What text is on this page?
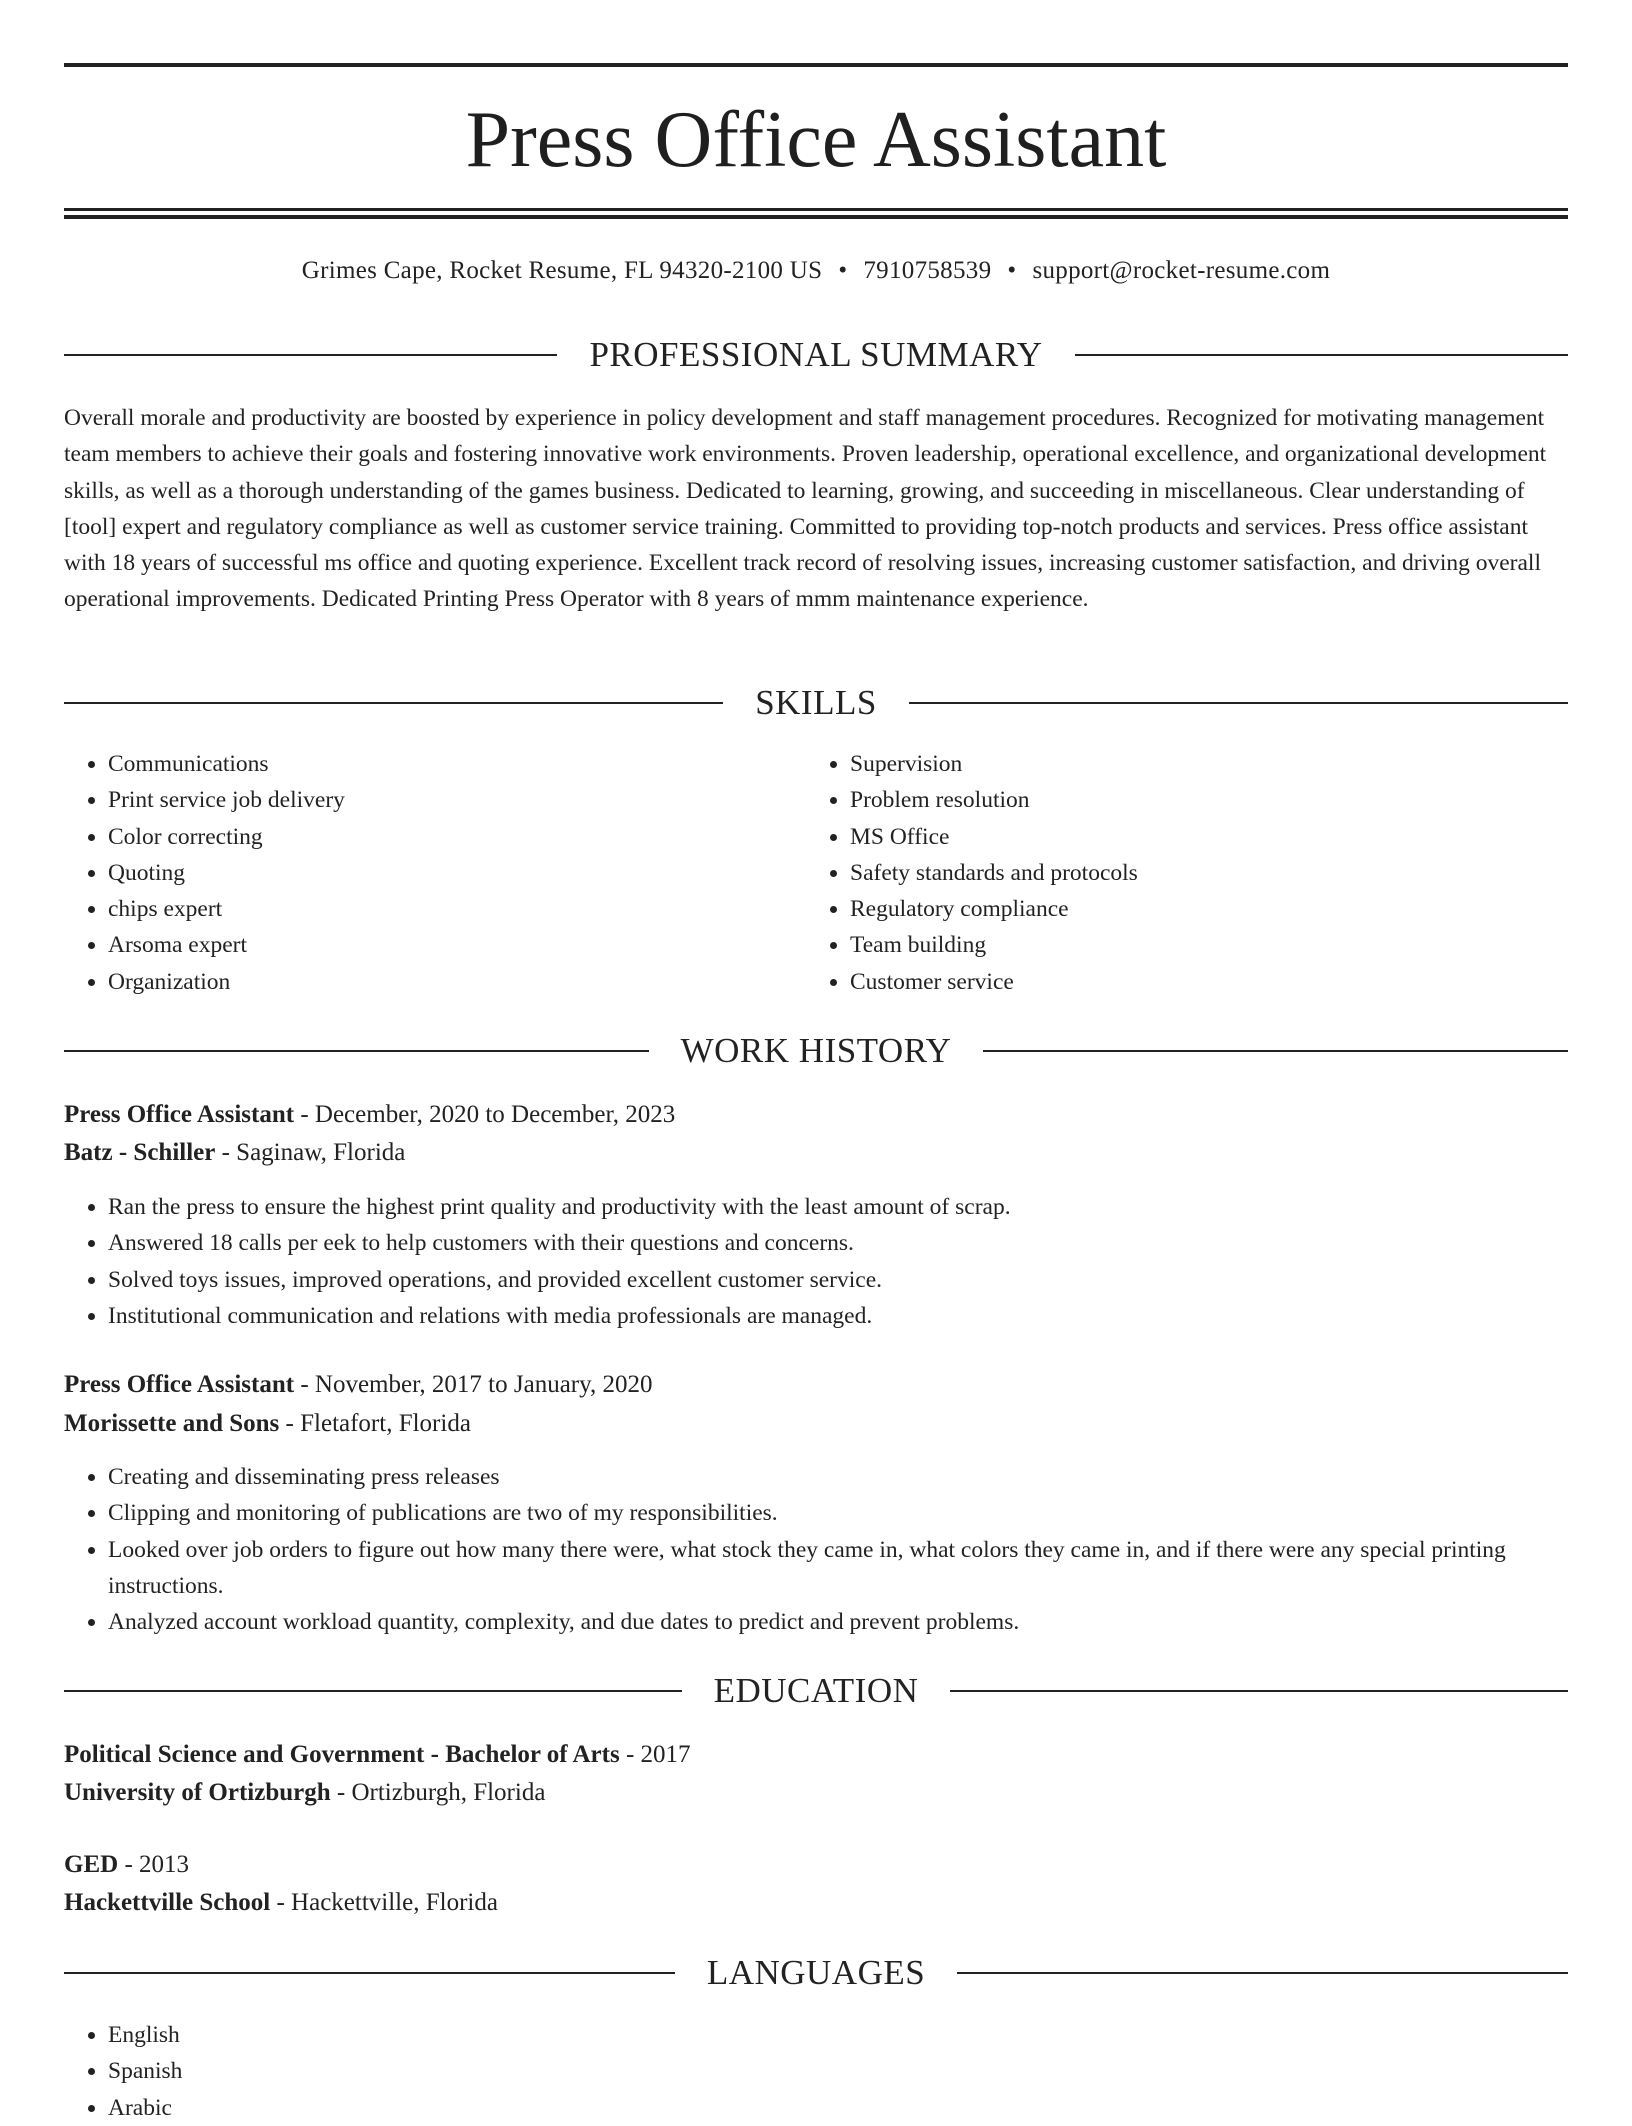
Press Office Assistant
Grimes Cape, Rocket Resume, FL 94320-2100 US • 7910758539 • support@rocket-resume.com
PROFESSIONAL SUMMARY

Overall morale and productivity are boosted by experience in policy development and staff management procedures. Recognized for motivating management team members to achieve their goals and fostering innovative work environments. Proven leadership, operational excellence, and organizational development skills, as well as a thorough understanding of the games business. Dedicated to learning, growing, and succeeding in miscellaneous. Clear understanding of [tool] expert and regulatory compliance as well as customer service training. Committed to providing top-notch products and services. Press office assistant with 18 years of successful ms office and quoting experience. Excellent track record of resolving issues, increasing customer satisfaction, and driving overall operational improvements. Dedicated Printing Press Operator with 8 years of mmm maintenance experience.

SKILLS
• Communications
• Print service job delivery
• Color correcting
• Quoting
• chips expert
• Arsoma expert
• Organization
• Supervision
• Problem resolution
• MS Office
• Safety standards and protocols
• Regulatory compliance
• Team building
• Customer service
WORK HISTORY
Press Office Assistant - December, 2020 to December, 2023
Batz - Schiller - Saginaw, Florida
• Ran the press to ensure the highest print quality and productivity with the least amount of scrap.
• Answered 18 calls per eek to help customers with their questions and concerns.
• Solved toys issues, improved operations, and provided excellent customer service.
• Institutional communication and relations with media professionals are managed.
Press Office Assistant - November, 2017 to January, 2020
Morissette and Sons - Fletafort, Florida
• Creating and disseminating press releases
• Clipping and monitoring of publications are two of my responsibilities.
• Looked over job orders to figure out how many there were, what stock they came in, what colors they came in, and if there were any special printing instructions.
• Analyzed account workload quantity, complexity, and due dates to predict and prevent problems.
EDUCATION
Political Science and Government - Bachelor of Arts - 2017
University of Ortizburgh - Ortizburgh, Florida
GED - 2013
Hackettville School - Hackettville, Florida
LANGUAGES
• English
• Spanish
• Arabic
